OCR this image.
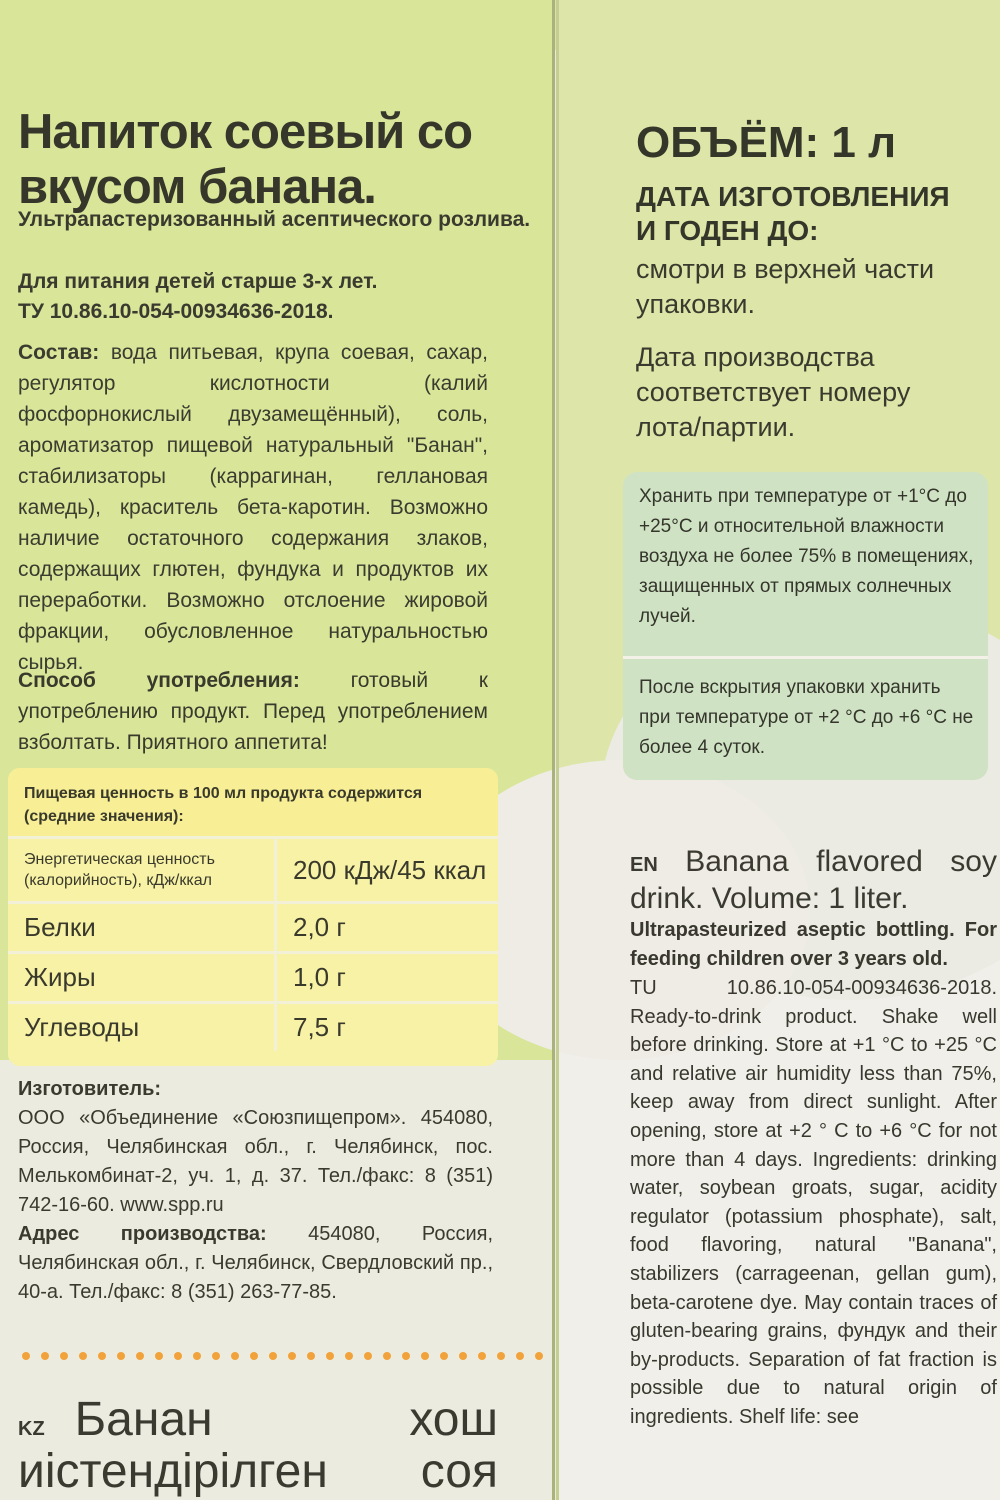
Напиток соевый со вкусом банана.
Ультрапастеризованный асептического розлива.
Для питания детей старше 3-х лет.
ТУ 10.86.10-054-00934636-2018.
Состав: вода питьевая, крупа соевая, сахар, регулятор кислотности (калий фосфорнокислый двузамещённый), соль, ароматизатор пищевой натуральный "Банан", стабилизаторы (каррагинан, геллановая камедь), краситель бета-каротин. Возможно наличие остаточного содержания злаков, содержащих глютен, фундука и продуктов их переработки. Возможно отслоение жировой фракции, обусловленное натуральностью сырья.
Способ употребления: готовый к употреблению продукт. Перед употреблением взболтать. Приятного аппетита!
Пищевая ценность в 100 мл продукта содержится (средние значения):
Энергетическая ценность (калорийность), кДж/ккал	200 кДж/45 ккал
Белки	2,0 г
Жиры	1,0 г
Углеводы	7,5 г
Изготовитель:
ООО «Объединение «Союзпищепром». 454080, Россия, Челябинская обл., г. Челябинск, пос. Мелькомбинат-2, уч. 1, д. 37. Тел./факс: 8 (351) 742-16-60. www.spp.ru
Адрес производства: 454080, Россия, Челябинская обл., г. Челябинск, Свердловский пр., 40-а. Тел./факс: 8 (351) 263-77-85.
KZ Банан	хош
иістендірілген соя
ОБЪЁМ: 1 л
ДАТА ИЗГОТОВЛЕНИЯ И ГОДЕН ДО:
смотри в верхней части упаковки.
Дата производства соответствует номеру лота/партии.
Хранить при температуре от +1°С до +25°С и относительной влажности воздуха не более 75% в помещениях, защищенных от прямых солнечных лучей.
После вскрытия упаковки хранить при температуре от +2 °С до +6 °С не более 4 суток.
EN Banana flavored soy drink. Volume: 1 liter.
Ultrapasteurized aseptic bottling. For feeding children over 3 years old.
TU 10.86.10-054-00934636-2018. Ready-to-drink product. Shake well before drinking. Store at +1 °C to +25 °C and relative air humidity less than 75%, keep away from direct sunlight. After opening, store at +2 ° C to +6 °C for not more than 4 days. Ingredients: drinking water, soybean groats, sugar, acidity regulator (potassium phosphate), salt, food flavoring, natural "Banana", stabilizers (carrageenan, gellan gum), beta-carotene dye. May contain traces of gluten-bearing grains, фундук and their by-products. Separation of fat fraction is possible due to natural origin of ingredients. Shelf life: see
